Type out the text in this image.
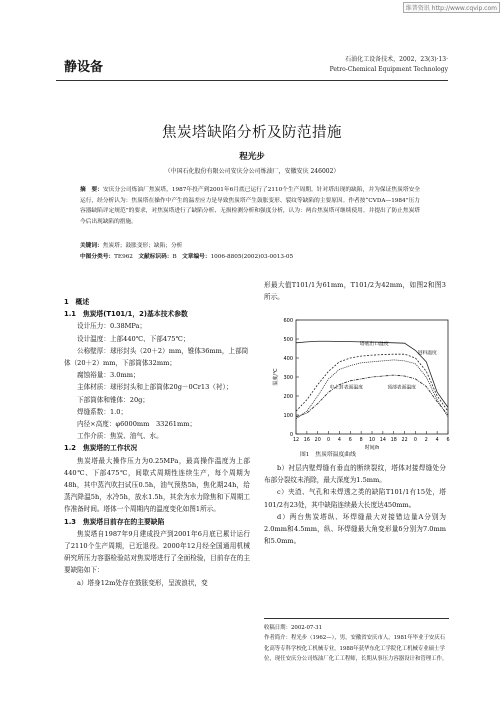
维普资讯 http://www.cqvip.com
静设备
石油化工设备技术，2002，23(3)·13·
Petro-Chemical Equipment Technology
焦炭塔缺陷分析及防范措施
程光步
（中国石化股份有限公司安庆分公司炼油厂，安徽安庆 246002）
摘　要：安庆分公司炼油厂焦炭塔，1987年投产到2001年6月底已运行了2110个生产周期。针对塔出现的缺陷，并为保证焦炭塔安全运行，经分析认为：焦炭塔在操作中产生的温差应力是导致焦炭塔产生鼓胀变形、裂纹等缺陷的主要原因。作者按“CVDA—1984”压力容器缺陷评定规范”的要求，对焦炭塔进行了缺陷分析、无损检测分析和强度分析，认为：两台焦炭塔可继续使用。并提出了防止焦炭塔今后出现缺陷的措施。
关键词：焦炭塔；鼓胀变形；缺陷；分析
中图分类号：TE962 文献标识码：B 文章编号：1006-8805(2002)03-0013-05

1　概述

1.1　焦炭塔(T101/1，2)基本技术参数

设计压力：0.38MPa；

设计温度：上部440℃、下部475℃；

公称壁厚：球形封头（20＋2）mm，锥体36mm，上部筒体（20＋2）mm，下部筒体32mm；

腐蚀裕量：3.0mm；

主体材质：球形封头和上部筒体20g－0Cr13（衬）；

下部筒体和锥体：20g；

焊缝系数：1.0；

内径×高度：φ6000mm　33261mm；

工作介质：焦炭、油气、水。

1.2　焦炭塔的工作状况

焦炭塔最大操作压力为0.25MPa，最高操作温度为上部440℃、下部475℃，间歇式周期性连续生产，每个周期为48h，其中蒸汽吹扫试压0.5h，油气预热5h，焦化期24h，给蒸汽降温5h，水冷5h，放水1.5h，其余为水力除焦和下周期工作准备时间。塔体一个周期内的温度变化如图1所示。

1.3　焦炭塔目前存在的主要缺陷

焦炭塔自1987年9月建成投产到2001年6月底已累计运行了2110个生产周期，已近退役。2000年12月经全国通用机械研究所压力容器检验站对焦炭塔进行了全面检验，目前存在的主要缺陷如下：

a）塔身12m处存在鼓胀变形，呈波浪状，变

形最大值T101/1为61mm，T101/2为42mm，如图2和图3所示。

0
100
200
300
400
500
600
12 16 20 0 4 6 8 10 14 18 22 0 2 4 6
时间/h
温度/℃
塔底出口温度
进料温度
中上封表面温度	顶部表面温度
图1　焦炭塔温度曲线

b）衬层内壁焊缝有垂直的断续裂纹，塔体对接焊缝处分布部分裂纹未消除，最大深度为1.5mm。

c）夹渣、气孔和未焊透之类的缺陷T101/1有15处，塔101/2有23处，其中缺陷连续最大长度达450mm。

d）两台焦炭塔纵、环焊缝最大对接错边量A分别为2.0mm和4.5mm，纵、环焊缝最大角变形量δ分别为7.0mm和5.0mm。

收稿日期：2002-07-31
作者简介：程光步（1962—），男，安徽省安庆市人。1981年毕业于安庆石化高等专科学校化工机械专业，1988年获华东化工学院化工机械专业硕士学位，现任安庆分公司炼油厂化工工程师，长期从事压力容器设计和管理工作。
